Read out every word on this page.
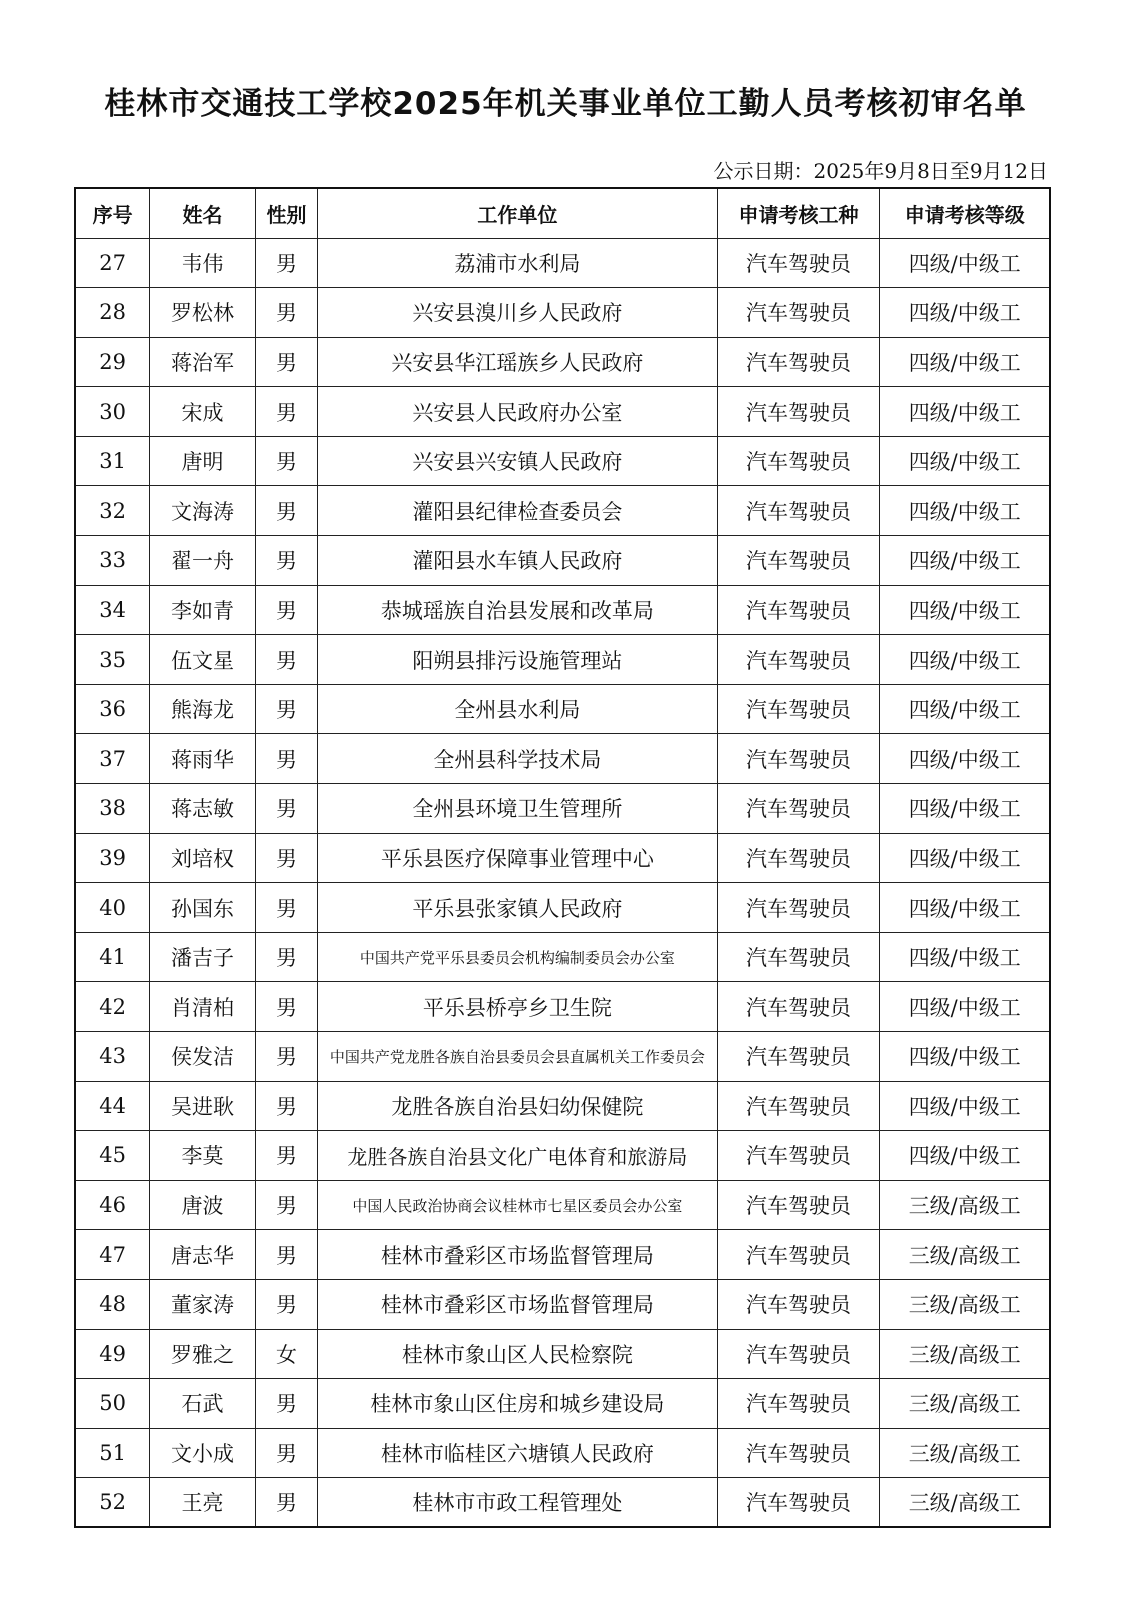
桂林市交通技工学校2025年机关事业单位工勤人员考核初审名单
公示日期：2025年9月8日至9月12日
序号	姓名	性别	工作单位	申请考核工种	申请考核等级
27	韦伟	男	荔浦市水利局	汽车驾驶员	四级/中级工
28	罗松林	男	兴安县溴川乡人民政府	汽车驾驶员	四级/中级工
29	蒋治军	男	兴安县华江瑶族乡人民政府	汽车驾驶员	四级/中级工
30	宋成	男	兴安县人民政府办公室	汽车驾驶员	四级/中级工
31	唐明	男	兴安县兴安镇人民政府	汽车驾驶员	四级/中级工
32	文海涛	男	灌阳县纪律检查委员会	汽车驾驶员	四级/中级工
33	翟一舟	男	灌阳县水车镇人民政府	汽车驾驶员	四级/中级工
34	李如青	男	恭城瑶族自治县发展和改革局	汽车驾驶员	四级/中级工
35	伍文星	男	阳朔县排污设施管理站	汽车驾驶员	四级/中级工
36	熊海龙	男	全州县水利局	汽车驾驶员	四级/中级工
37	蒋雨华	男	全州县科学技术局	汽车驾驶员	四级/中级工
38	蒋志敏	男	全州县环境卫生管理所	汽车驾驶员	四级/中级工
39	刘培权	男	平乐县医疗保障事业管理中心	汽车驾驶员	四级/中级工
40	孙国东	男	平乐县张家镇人民政府	汽车驾驶员	四级/中级工
41	潘吉子	男	中国共产党平乐县委员会机构编制委员会办公室	汽车驾驶员	四级/中级工
42	肖清柏	男	平乐县桥亭乡卫生院	汽车驾驶员	四级/中级工
43	侯发洁	男	中国共产党龙胜各族自治县委员会县直属机关工作委员会	汽车驾驶员	四级/中级工
44	吴进耿	男	龙胜各族自治县妇幼保健院	汽车驾驶员	四级/中级工
45	李莫	男	龙胜各族自治县文化广电体育和旅游局	汽车驾驶员	四级/中级工
46	唐波	男	中国人民政治协商会议桂林市七星区委员会办公室	汽车驾驶员	三级/高级工
47	唐志华	男	桂林市叠彩区市场监督管理局	汽车驾驶员	三级/高级工
48	董家涛	男	桂林市叠彩区市场监督管理局	汽车驾驶员	三级/高级工
49	罗雅之	女	桂林市象山区人民检察院	汽车驾驶员	三级/高级工
50	石武	男	桂林市象山区住房和城乡建设局	汽车驾驶员	三级/高级工
51	文小成	男	桂林市临桂区六塘镇人民政府	汽车驾驶员	三级/高级工
52	王亮	男	桂林市市政工程管理处	汽车驾驶员	三级/高级工
